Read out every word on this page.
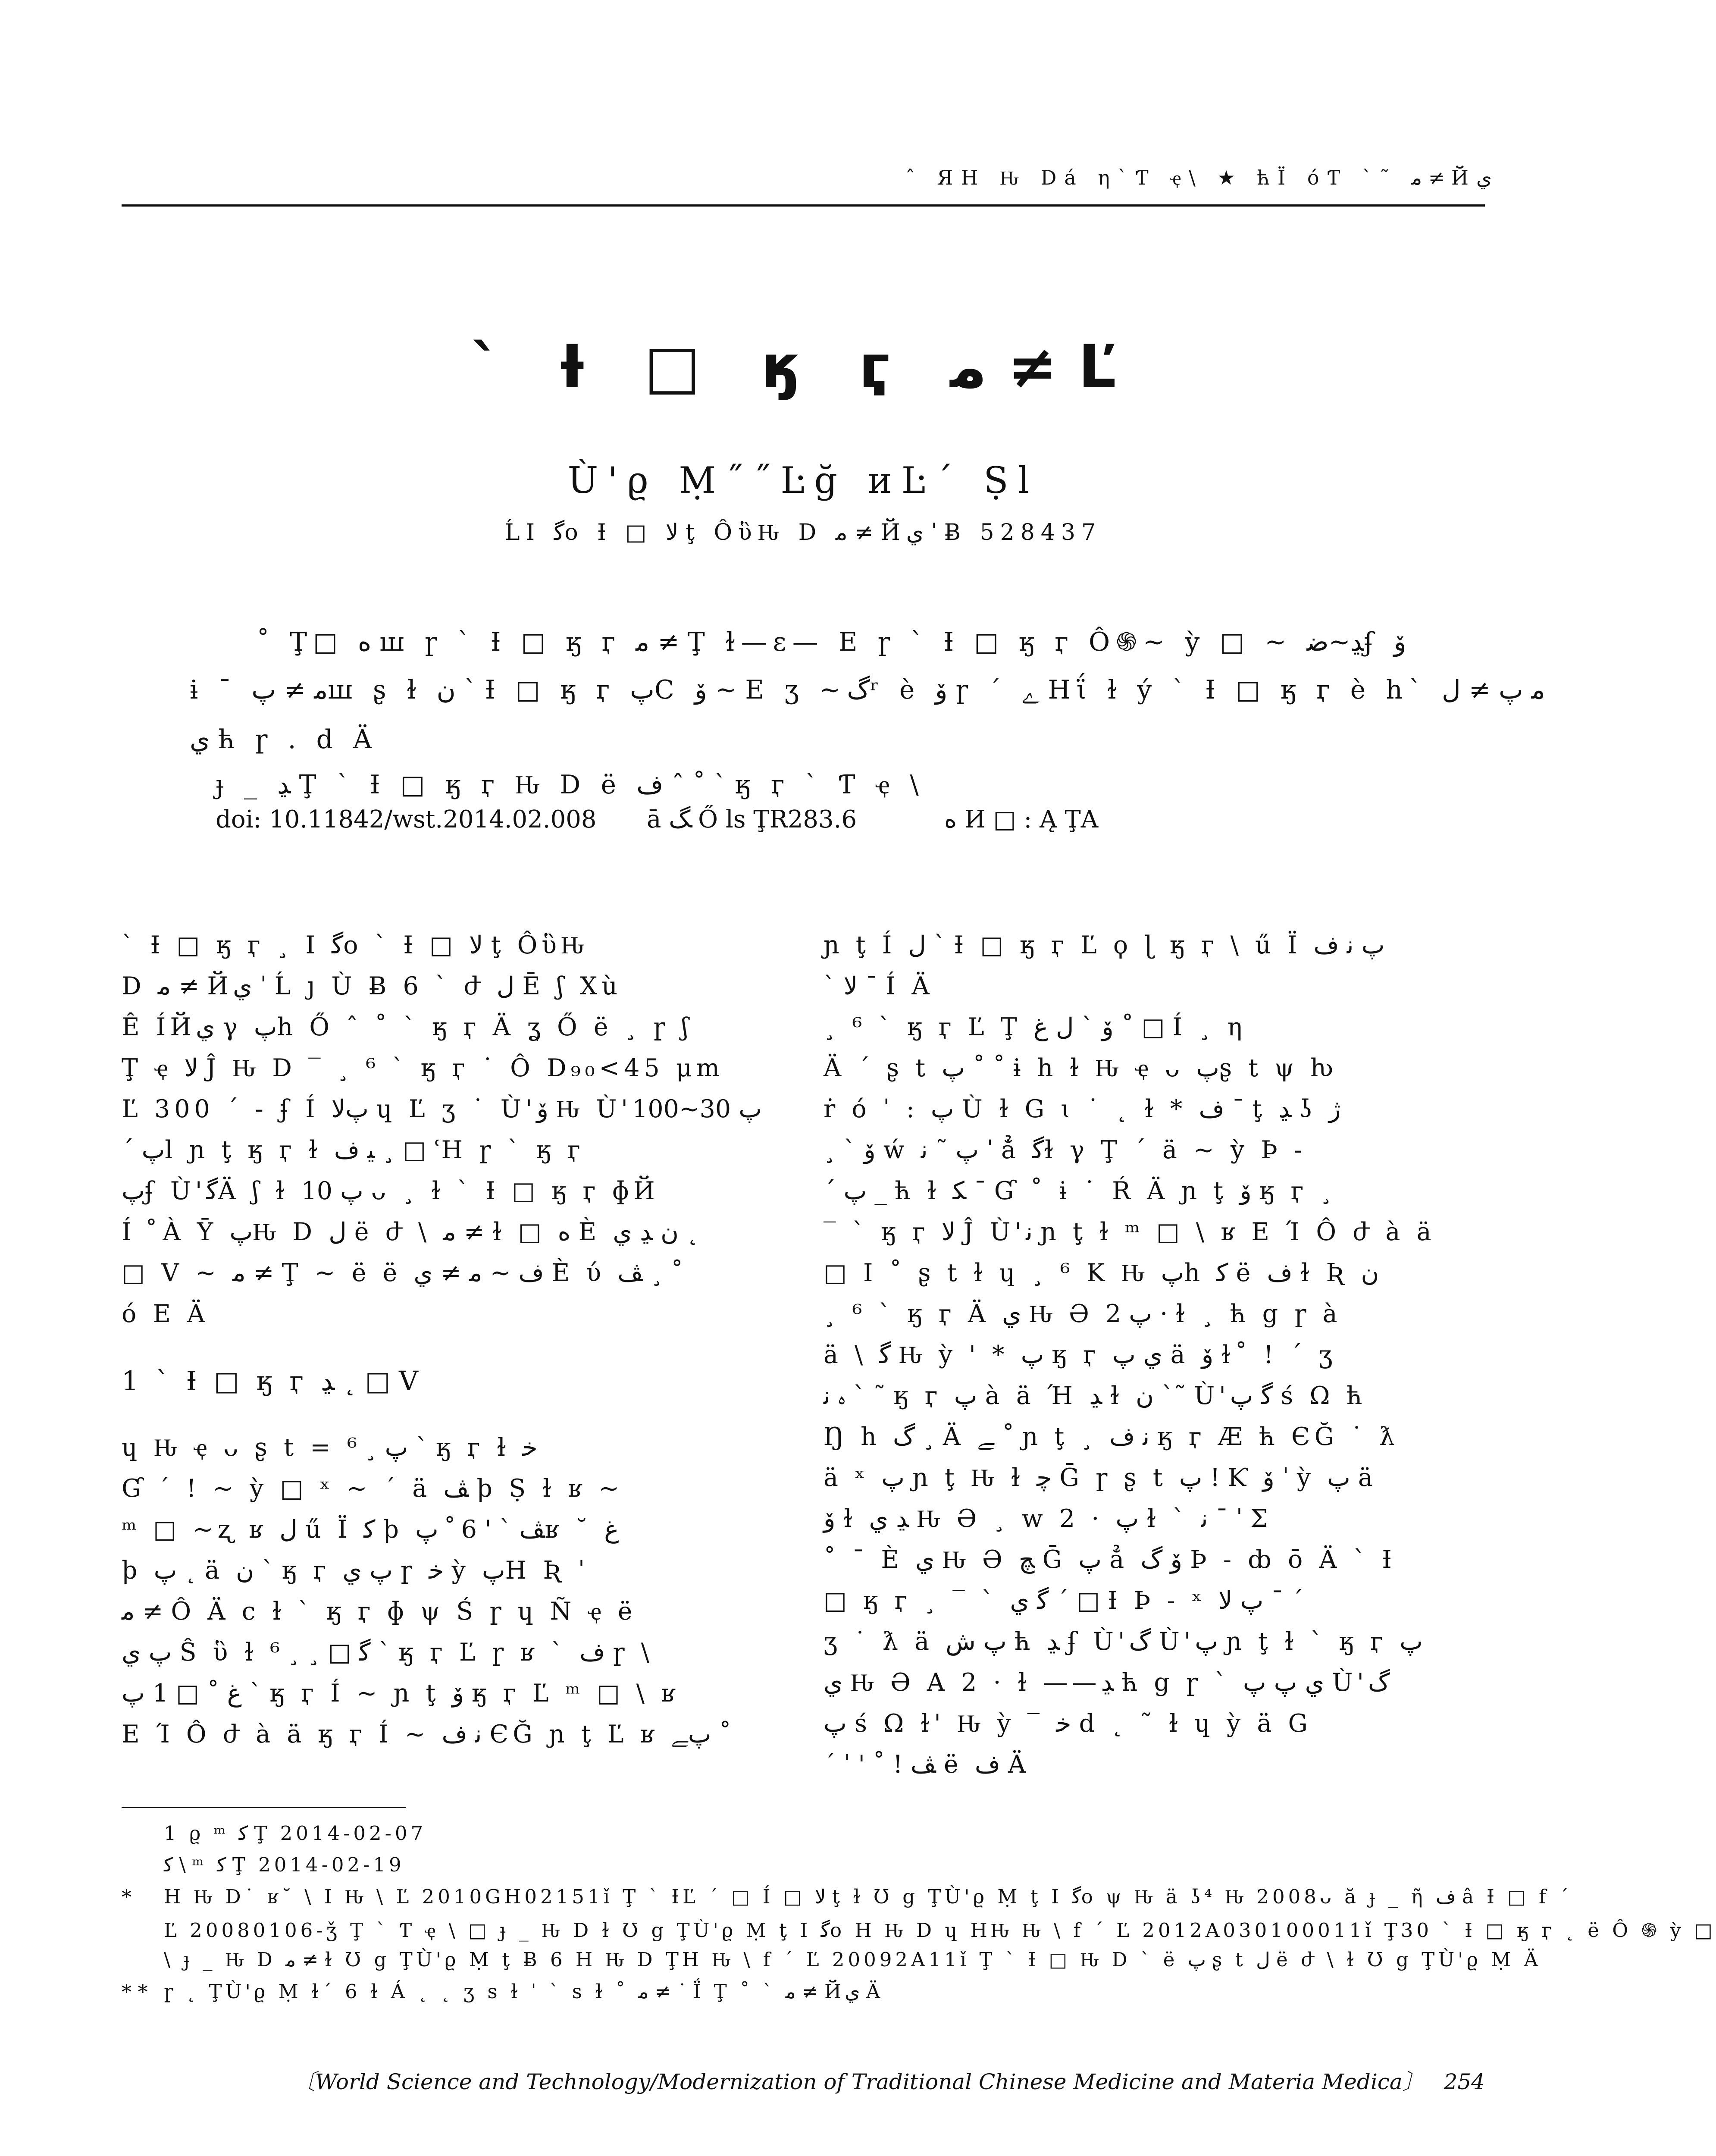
ˆ ЯΗ Ԋ Dá η`Ƭ ҿ\ ★ ћΪ óƬ `˜ ﻣ ≠ Йي
` Ɨ □ ӄ ӷ ﻣ ≠ Ľ
Ù'ϱ Ṃ˝˝Ŀğ иĿˊ Ṣl
ĹΙ ﮔo Ɨ □ ﻻ ţ ÔὓԊ D ﻣ ≠ Йي ˈ Ƀ 528437
˚ Ţ□ ه ꟺ ɼ ` Ɨ □ ӄ ӷ ﻣ ≠ Ţ ɫ—ɛ— Ε ɼ ` Ɨ □ ӄ ӷ Ô֍~ ỳ □ ~ ﮃ~ﺿʄ ﯙ
ɨ ˉ ﻣ ≠ ﭖꟺ ʂ ɫ ﻥ ` Ɨ □ ӄ ӷ ﭖC ﯙ ~ Ε ʒ ~ﮒʳ è ﯙ ɼ ˊ ﮮ Ηΐ ɫ ý ` Ɨ □ ӄ ӷ è h` ﻣ ﭖ ≠ ﻝ
ي ћ ɼ . d Ä
ɟ _ ﮃ Ţ ` Ɨ □ ӄ ӷ Ԋ D ë ﻑ ˆ ˚ ` ӄ ӷ ` Ƭ ҿ \
doi: 10.11842/wst.2014.02.008 ā ﮓ Ő ls ŢR283.6	ه И □ : Ą ŢA
` Ɨ □ ӄ ӷ ¸ Ι ﮔo ` Ɨ □ ﻻ ţ ÔὓԊ
D ﻣ ≠ Йي ˈ Ĺ ȷ Ù Ƀ 6 ˋ ժ ﻝ Ē ʃ Xù
Ê ÍЙي γ ﭖh Ő ˆ ˚ ` ӄ ӷ Ä ʓ Ő ë ¸ ɼ ʃ
Ţ ҿ ﻻ Ĵ Ԋ D ‾ ¸ ⁶ ` ӄ ӷ ˙ Ô D₉₀<45 μm
Ľ 300 ˊ - ʄ Í ﭖﻻ ɥ Ľ ʒ ˙ Ù'ﯙ Ԋ Ù'ﭖ 30~100
ˊ ﭖl ɲ ţ ӄ ӷ ɫ ﯿ ﻑ ¸ □ ʿΗ ɼ ` ӄ ӷ
ﭖʄ Ù'ﮔÄ ʃ ɫ ﭖ 10 ᴗ ¸ ɫ ` Ɨ □ ӄ ӷ ɸЙ
Í ﹾ À Ȳ ﭖԊ D ﻝ ë ժ \ ﻣ ≠ ɫ □ ه È ﻥ ﮃ ﻱ ˛
□ V ~ ﻣ ≠ Ţ ~ ë ë ﻑ ~ ﻣ ≠ ي È ύ ﭫ ¸ ˚
ó Ε Ä
1 ` Ɨ □ ӄ ӷ ﮃ ˛ □ V
ɥ Ԋ ҿ ᴗ ʂ t = ﭖ ¸ ⁶ ` ӄ ӷ ɫ ﺧ
Ɠ ˊ ! ~ ỳ □ ˣ ~ ˊ ä ﭫ ϸ Ṣ ɫ ʁ ~
ᵐ □ ~ʐ ʁ ﻝ ű Ϊ ﻛ ϸ ﭫ ˋ ' 6 ﹾ ﭖʁ ˘ ﻍ
ϸ ﭖ ˛ ä ﻥ ` ӄ ӷ ﭖ ي ɼ ﺧ ỳ ﭖΗ Ʀ ˈ
ﻣ ≠ Ô Ä c ɫ ` ӄ ӷ ɸ ψ Ś ɼ ɥ Ñ ҿ ë
ﭖ ي Ŝ ὓ ɫ ﮔ □ ¸ ¸ ⁶ ` ӄ ӷ Ľ ɼ ʁ ` ﻑ ɼ \
ﻍ ˚ □ 1 ﭖ ` ӄ ӷ Í ~ ɲ ţ ﯙ ӄ ӷ Ľ ᵐ □ \ ʁ
Ε Ί Ô ժ à ä ӄ ӷ Í ~ ﻧ ف ЄĞ ɲ ţ Ľ ʁ ﭖﮯ ˚
ɲ ţ Í ﻝ ` Ɨ □ ӄ ӷ Ľ ϙ ɭ ӄ ӷ \ ű Ϊ ﭖ ﻧ ف
` ﻻ ˉ Í Ä
¸ ⁶ ` ӄ ӷ Ľ Ţ ﯙ ` ﻝ ﻍ ˚ □ Í ¸ η
Ä ˊ ʂ t ﭖ ˚ ˚ ɨ h ɫ Ԋ ҿ ᴗ ﭖʂ t ψ ƕ
ṙ ó ˈ : ﭖ Ù ɫ G ɩ ˙ ˛ ɫ * ﻑ ˉ ţ ﮃ ʖ ﮊ
¸ ` ﯙ ẃ ﭖ ˜ ﻧ ˈ ẳ ﮔɫ γ Ţ ˊ ä ~ ỳ Þ -
ˊ ﭖ _ ћ ɫ ﮑ ˉ Ɠ ˚ ɨ ˙ Ŕ Ä ɲ ţ ﯙ ӄ ӷ ¸
‾ ` ӄ ӷ ﻻ Ĵ Ù'ﻧ ɲ ţ ɫ ᵐ □ \ ʁ Ε Ί Ô ժ à ä
□ Ι ˚ ʂ t ɫ ɥ ¸ ⁶ K Ԋ ﭖh ﮐ ë ﻑ ɫ Ʀ ﻥ
¸ ⁶ ` ӄ ӷ Ä ي Ԋ Ә ﭖ 2 · ɫ ¸ ћ g ɼ à
ä \ ﮔ Ԋ ỳ ' * ﭖ ӄ ӷ ي ﭖ ä ﯙ ɫ˚ ! ˊ ʒ
ﮦ ﻧ ` ˜ ӄ ӷ ﭖ à ä Ή ﮃ ɫ ﻥ ˋ˜ Ù'ﮔ ﭖ ś Ω ћ
Ŋ h ﮒ ¸ Ä ﮯ ˚ ɲ ţ ¸ ﻧ ف ӄ ӷ Æ ћ ЄĞ ˙ ƛ
ä ˣ ﭖ ɲ ţ Ԋ ɫ ﭼ Ḡ ɼ ʂ t ﭖ ! Ƙ ﯙ ˈ ỳ ﭖ ä
ﯙ ɫ ﮃ ي Ԋ Ә ¸ w 2 · ﭖ ɫ ` ﻧ ˉ ˈ Σ
˚ ˉ È ي Ԋ Ә ﭻ Ḡ ﭖ ẳ ﯙ ﮒ Þ - ȸ ō Ä ` Ɨ
□ ӄ ӷ ¸ ‾ ` ﮔ ي ˊ □ Ɨ Þ - ˣ ﭖ ﻻ ˉ ˊ
ʒ ˙ ƛ ä ﭖ ﺵ ћ ﮃ ʄ Ù'ﮒ Ù'ﭖ ɲ ţ ɫ ` ӄ ӷ ﭖ
ي Ԋ Ә A 2 · ɫ ——ﮃ ћ g ɼ ` ي ﭖ ﭖ Ù'ﮒ
ﭖ ś Ω ɫ' Ԋ ỳ ‾ ﺧ d ˛ ˜ ɫ ɥ ỳ ä G
ˊ ˈ ' ˚ ! ﭫ ë ﻑ Ä
1 ϱ ᵐ ﻛ Ţ 2014-02-07
ﻛ \ ᵐ ﻛ Ţ 2014-02-19
* Η Ԋ D˙ ʁ˘ \ Ι Ԋ \ Ľ 2010GH02151ǐ Ţ ` ƗĽ ˊ □ Í □ ﻻ ţ ɫ Ʊ g ŢÙ'ϱ Ṃ ţ Ι ﮔo ψ Ԋ ä ʖ⁴ Ԋ 2008ᴗ ă ɟ _ ῆ ﻑ â Ɨ □ f ˊ
Ľ 20080106-ǯ Ţ ` Ƭ ҿ \ □ ɟ _ Ԋ D ɫ Ʊ g ŢÙ'ϱ Ṃ ţ Ι ﮔo Η Ԋ D ɥ ΗԊ Ԋ \ f ˊ Ľ 2012A030100011ǐ Ţ30 ` Ɨ □ ӄ ӷ ˛ ë Ô ֍ ỳ □
\ ɟ _ Ԋ D ﻣ ≠ ɫ Ʊ g ŢÙ'ϱ Ṃ ţ Ƀ 6 Η Ԋ D ŢΗ Ԋ \ f ˊ Ľ 20092A11ǐ Ţ ` Ɨ □ Ԋ D ` ë ﭖ ʂ t ﻝ ë ժ \ ɫ Ʊ g ŢÙ'ϱ Ṃ Ä
* * ɼ ˛ ŢÙ'ϱ Ṃ ɫˊ 6 ɫ Á ˛ ˛ ʒ s ɫ ˈ ˋ s ɫ ˚ ﻣ ≠ ˙ Ḯ Ţ ˚ ` ﻣ ≠ Йي Ä
〔World Science and Technology/Modernization of Traditional Chinese Medicine and Materia Medica〕 254
